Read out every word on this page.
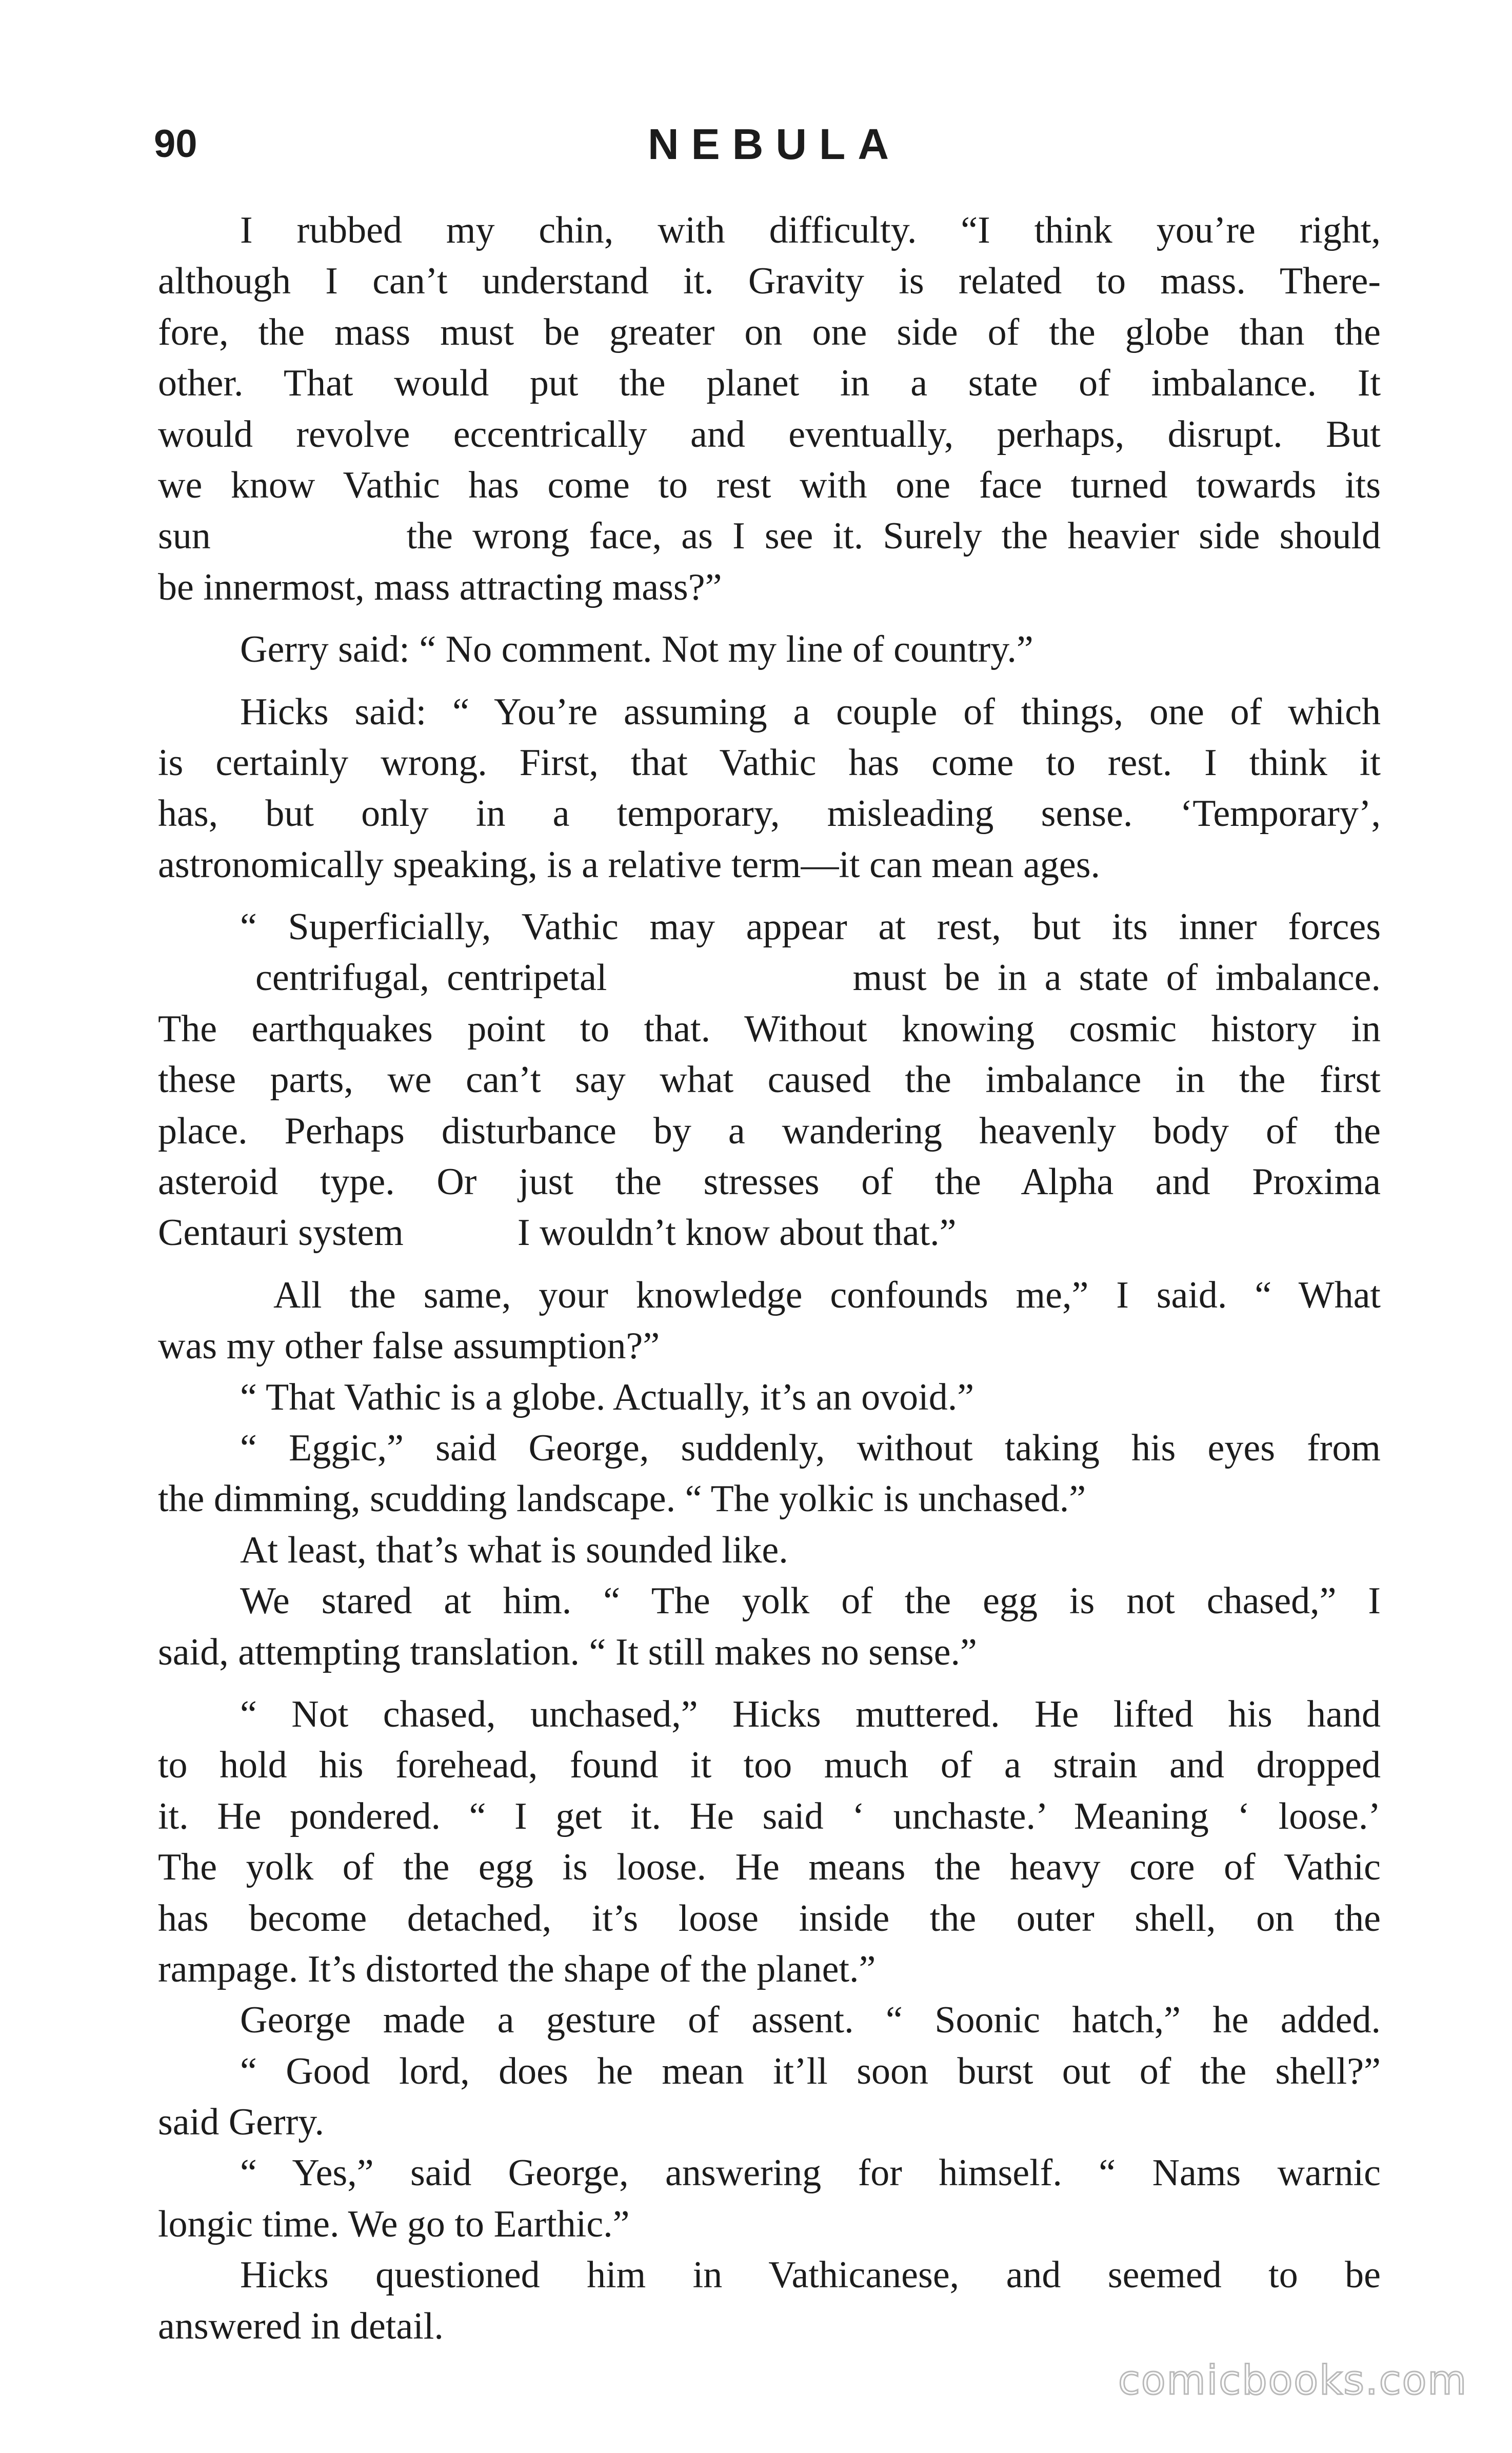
90	NEBULA
I rubbed my chin, with difficulty. “I think you’re right,
although I can’t understand it. Gravity is related to mass. There-
fore, the mass must be greater on one side of the globe than the
other. That would put the planet in a state of imbalance. It
would revolve eccentrically and eventually, perhaps, disrupt. But
we know Vathic has come to rest with one face turned towards its
sun          the wrong face, as I see it. Surely the heavier side should
be innermost, mass attracting mass?”
Gerry said: “ No comment. Not my line of country.”
Hicks said: “ You’re assuming a couple of things, one of which
is certainly wrong. First, that Vathic has come to rest. I think it
has, but only in a temporary, misleading sense. ‘Temporary’,
astronomically speaking, is a relative term—it can mean ages.
“ Superficially, Vathic may appear at rest, but its inner forces
centrifugal, centripetal              must be in a state of imbalance.
The earthquakes point to that. Without knowing cosmic history in
these parts, we can’t say what caused the imbalance in the first
place. Perhaps disturbance by a wandering heavenly body of the
asteroid type. Or just the stresses of the Alpha and Proxima
Centauri system            I wouldn’t know about that.”
All the same, your knowledge confounds me,” I said. “ What
was my other false assumption?”
“ That Vathic is a globe. Actually, it’s an ovoid.”
“ Eggic,” said George, suddenly, without taking his eyes from
the dimming, scudding landscape. “ The yolkic is unchased.”
At least, that’s what is sounded like.
We stared at him. “ The yolk of the egg is not chased,” I
said, attempting translation. “ It still makes no sense.”
“ Not chased, unchased,” Hicks muttered. He lifted his hand
to hold his forehead, found it too much of a strain and dropped
it. He pondered. “ I get it. He said ‘ unchaste.’ Meaning ‘ loose.’
The yolk of the egg is loose. He means the heavy core of Vathic
has become detached, it’s loose inside the outer shell, on the
rampage. It’s distorted the shape of the planet.”
George made a gesture of assent. “ Soonic hatch,” he added.
“ Good lord, does he mean it’ll soon burst out of the shell?”
said Gerry.
“ Yes,” said George, answering for himself. “ Nams warnic
longic time. We go to Earthic.”
Hicks questioned him in Vathicanese, and seemed to be
answered in detail.
comicbooks.com
